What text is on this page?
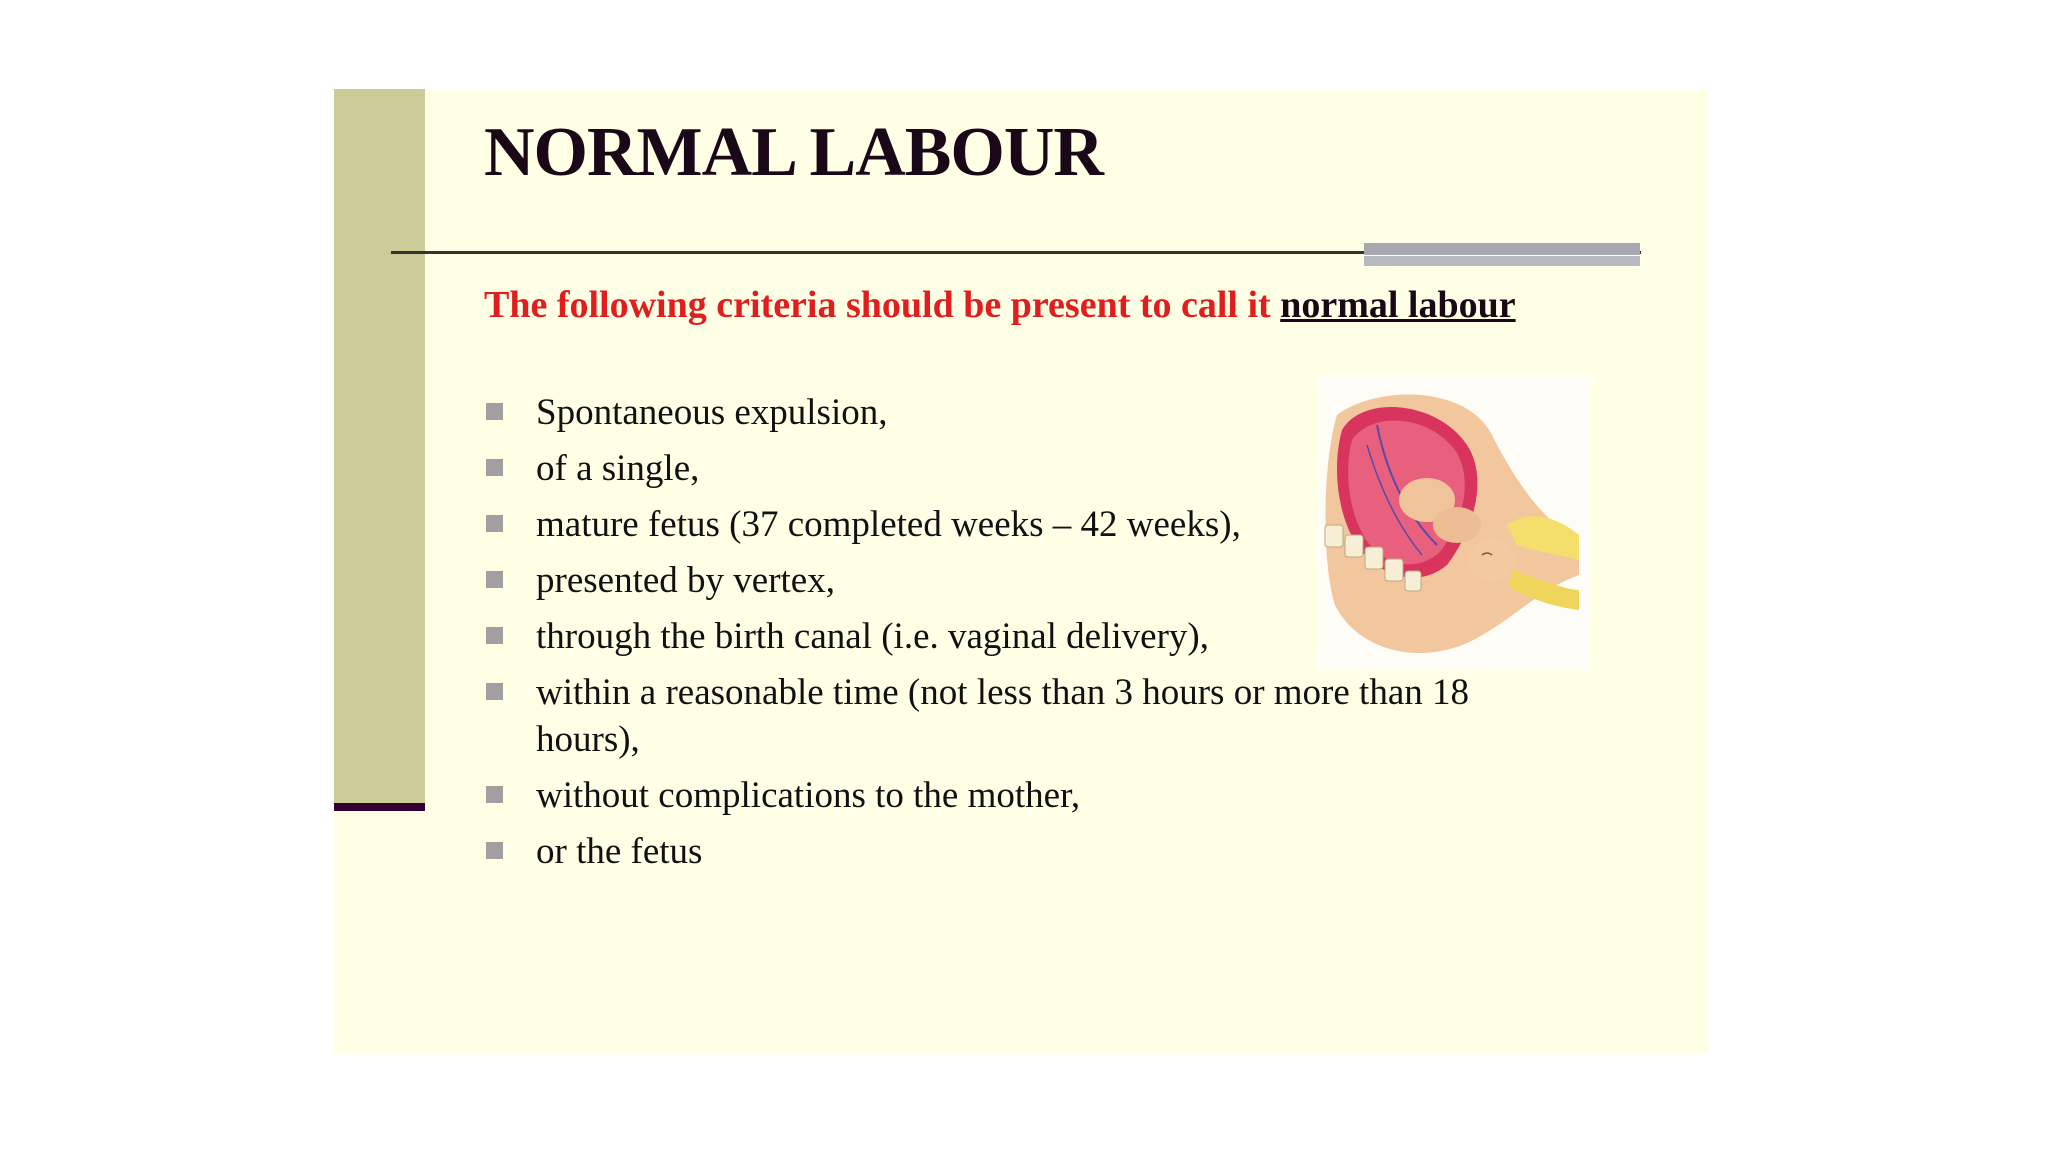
NORMAL LABOUR

The following criteria should be present to call it normal labour

Spontaneous expulsion,
of a single,
mature fetus (37 completed weeks – 42 weeks),
presented by vertex,
through the birth canal (i.e. vaginal delivery),
within a reasonable time (not less than 3 hours or more than 18 hours),
without complications to the mother,
or the fetus
